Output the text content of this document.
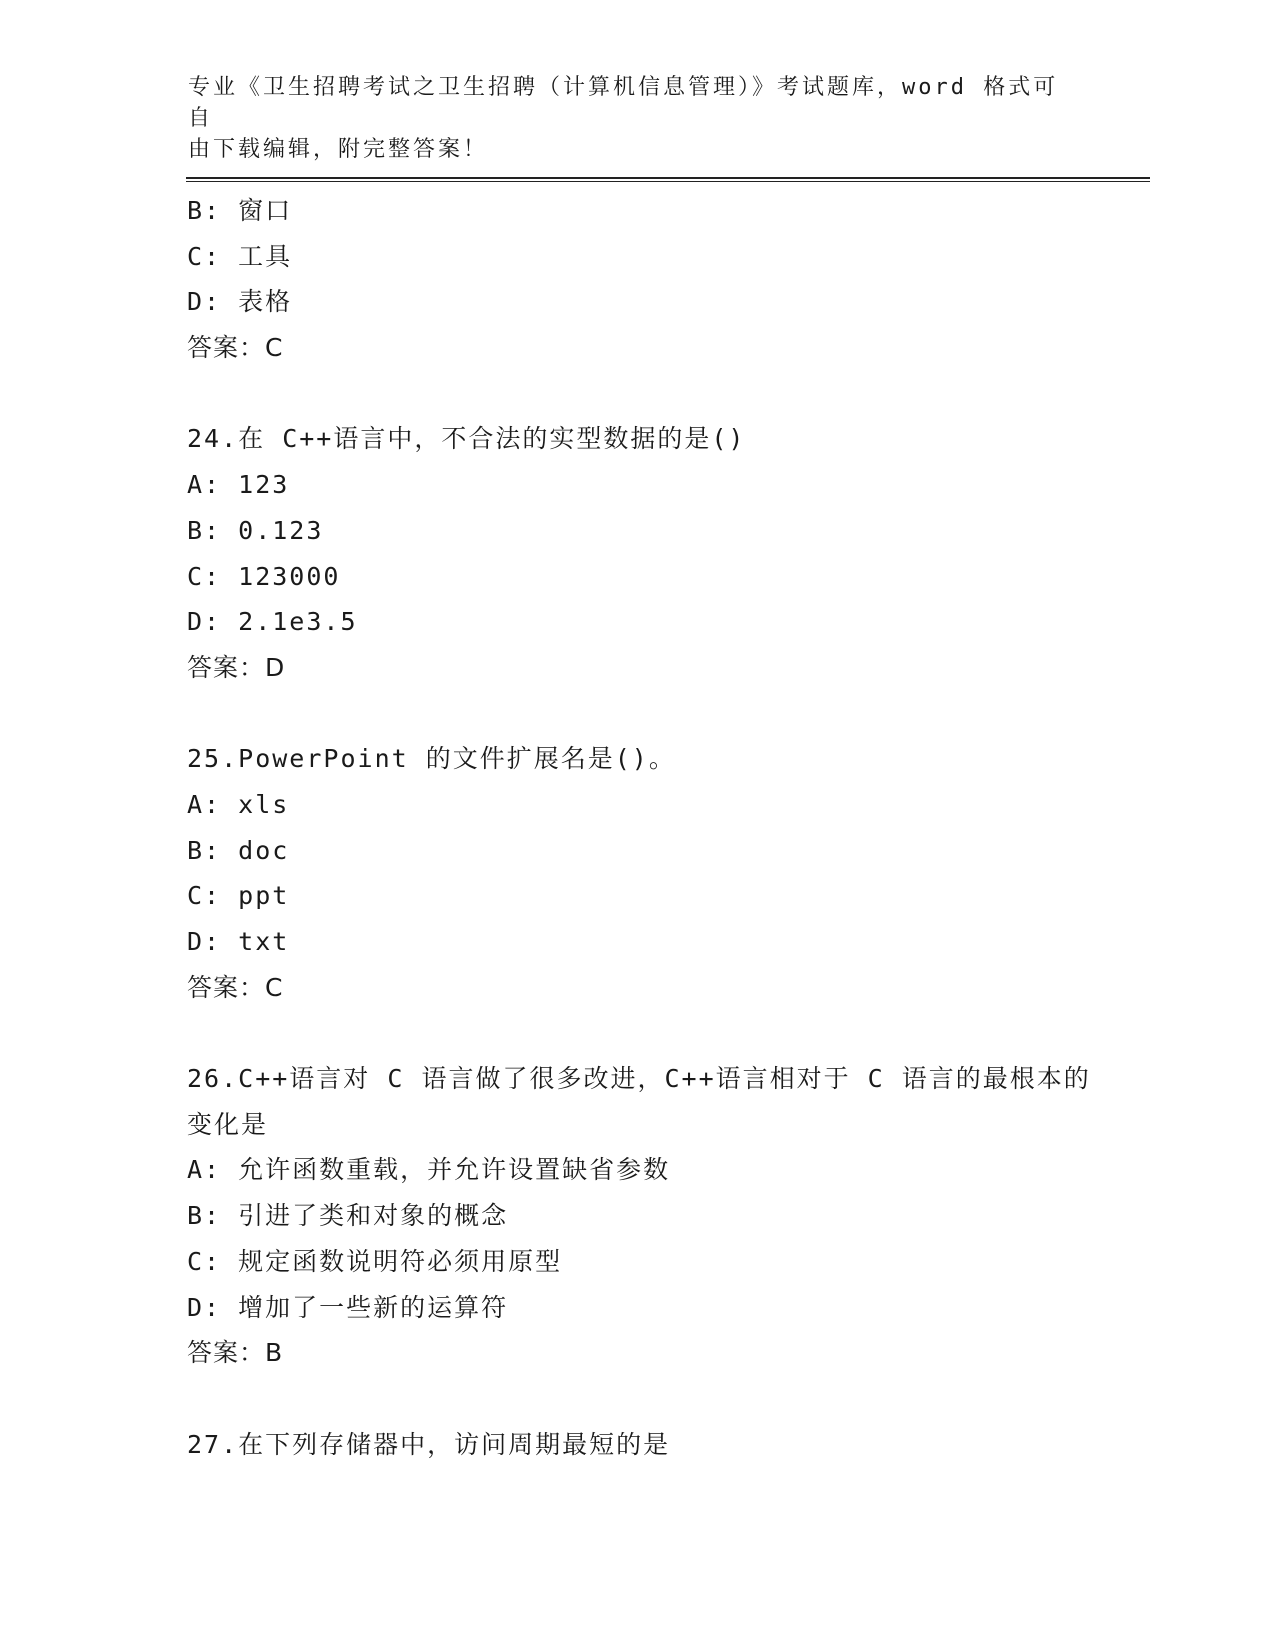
专业《卫生招聘考试之卫生招聘（计算机信息管理）》考试题库，word 格式可自
由下载编辑，附完整答案！
B: 窗口
C: 工具
D: 表格
答案：C
24.在 C++语言中，不合法的实型数据的是()
A: 123
B: 0.123
C: 123000
D: 2.1e3.5
答案：D
25.PowerPoint 的文件扩展名是()。
A: xls
B: doc
C: ppt
D: txt
答案：C
26.C++语言对 C 语言做了很多改进，C++语言相对于 C 语言的最根本的
变化是
A: 允许函数重载，并允许设置缺省参数
B: 引进了类和对象的概念
C: 规定函数说明符必须用原型
D: 增加了一些新的运算符
答案：B
27.在下列存储器中，访问周期最短的是
